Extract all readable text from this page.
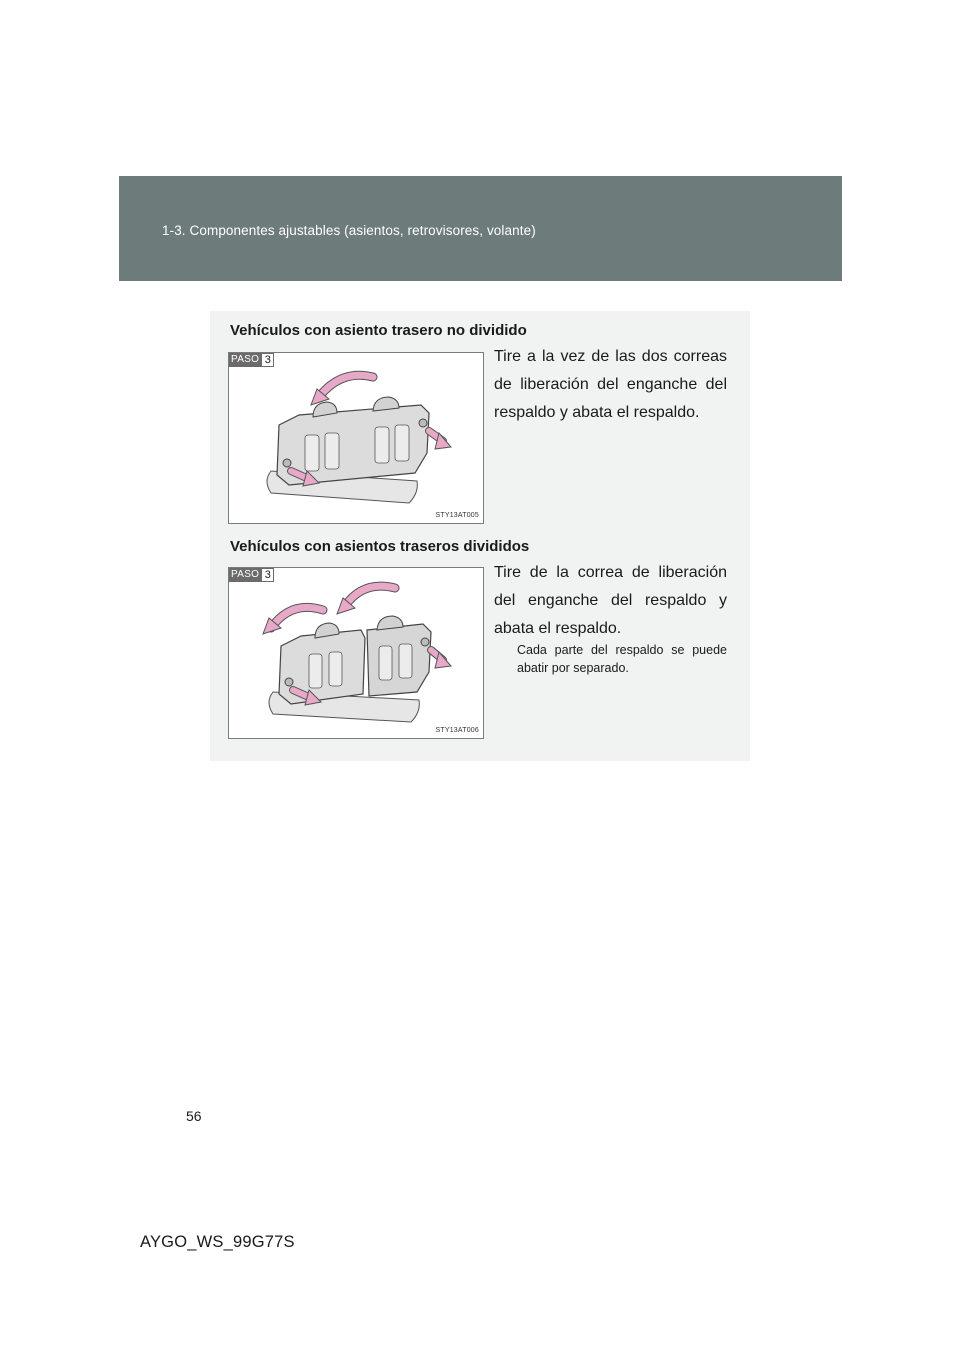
1-3. Componentes ajustables (asientos, retrovisores, volante)
Vehículos con asiento trasero no dividido
PASO 3
STY13AT005
Tire a la vez de las dos correas de liberación del enganche del respaldo y abata el respaldo.
Vehículos con asientos traseros divididos
PASO 3
STY13AT006
Tire de la correa de liberación del enganche del respaldo y abata el respaldo.
Cada parte del respaldo se puede abatir por separado.
56
AYGO_WS_99G77S
